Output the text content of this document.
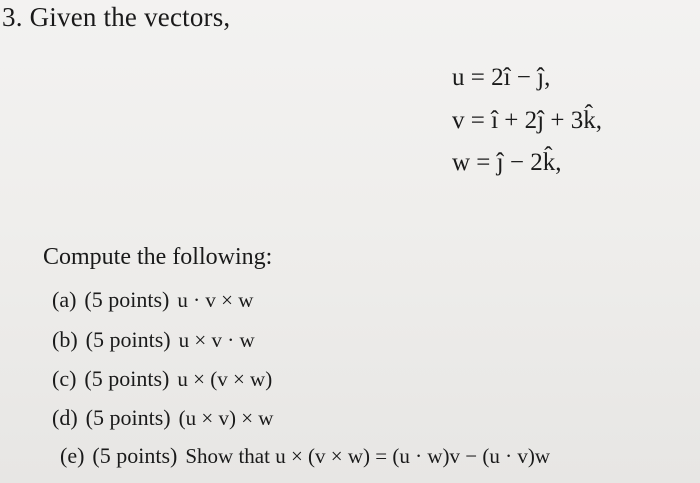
3. Given the vectors,
u = 2î − ĵ,
v = î + 2ĵ + 3k̂,
w = ĵ − 2k̂,
Compute the following:
(a) (5 points) u · v × w
(b) (5 points) u × v · w
(c) (5 points) u × (v × w)
(d) (5 points) (u × v) × w
(e) (5 points) Show that u × (v × w) = (u · w)v − (u · v)w
